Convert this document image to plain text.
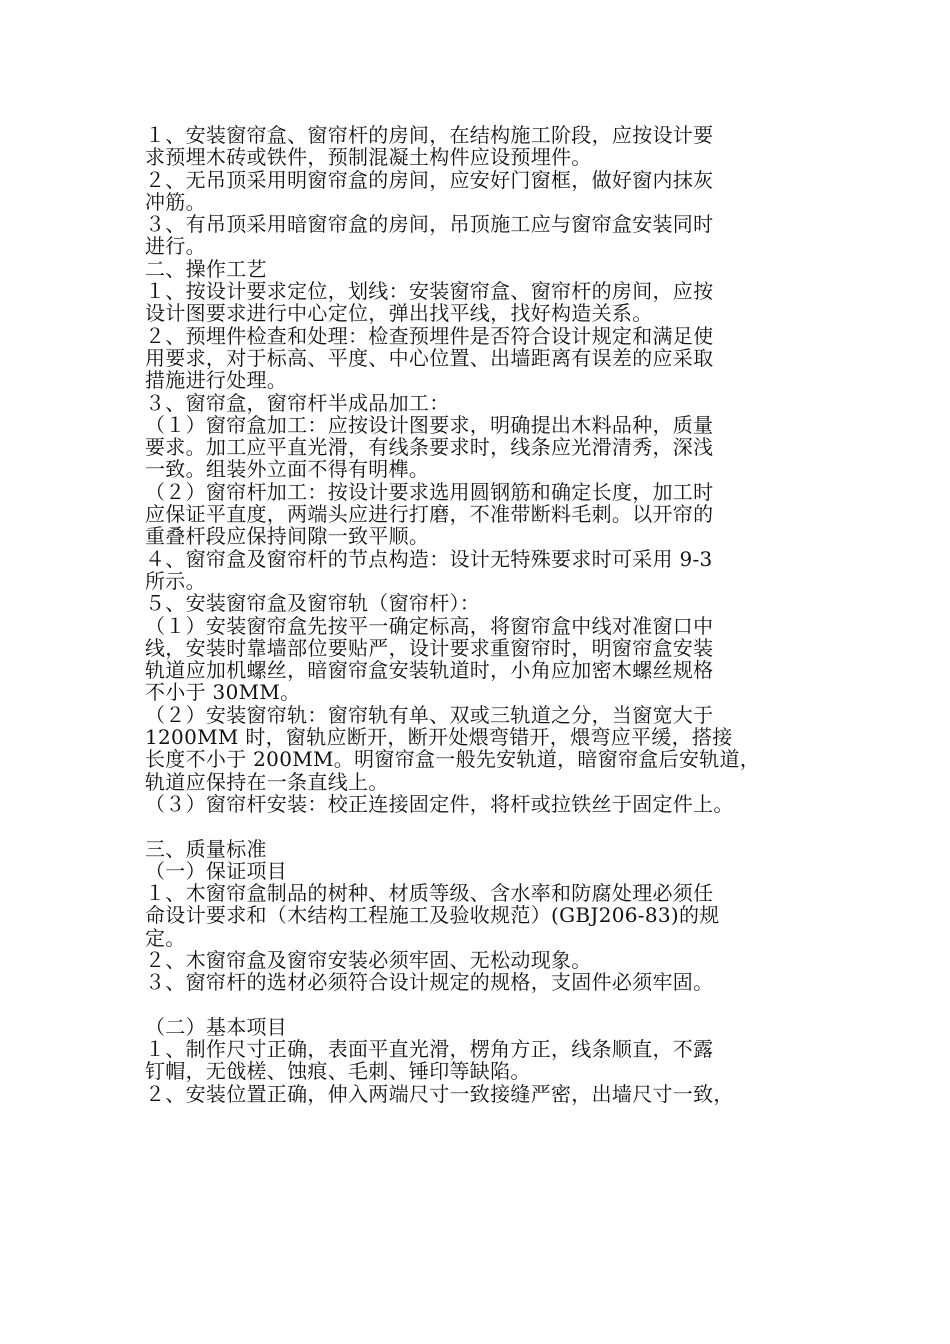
１、安装窗帘盒、窗帘杆的房间，在结构施工阶段，应按设计要
求预埋木砖或铁件，预制混凝土构件应设预埋件。
２、无吊顶采用明窗帘盒的房间，应安好门窗框，做好窗内抹灰
冲筋。
３、有吊顶采用暗窗帘盒的房间，吊顶施工应与窗帘盒安装同时
进行。
二、操作工艺
１、按设计要求定位，划线：安装窗帘盒、窗帘杆的房间，应按
设计图要求进行中心定位，弹出找平线，找好构造关系。
２、预埋件检查和处理：检查预埋件是否符合设计规定和满足使
用要求，对于标高、平度、中心位置、出墙距离有误差的应采取
措施进行处理。
３、窗帘盒，窗帘杆半成品加工：
（１）窗帘盒加工：应按设计图要求，明确提出木料品种，质量
要求。加工应平直光滑，有线条要求时，线条应光滑清秀，深浅
一致。组装外立面不得有明榫。
（２）窗帘杆加工：按设计要求选用圆钢筋和确定长度，加工时
应保证平直度，两端头应进行打磨，不准带断料毛刺。以开帘的
重叠杆段应保持间隙一致平顺。
４、窗帘盒及窗帘杆的节点构造：设计无特殊要求时可采用 9-3
所示。
５、安装窗帘盒及窗帘轨（窗帘杆）：
（１）安装窗帘盒先按平一确定标高，将窗帘盒中线对准窗口中
线，安装时靠墙部位要贴严，设计要求重窗帘时，明窗帘盒安装
轨道应加机螺丝，暗窗帘盒安装轨道时，小角应加密木螺丝规格
不小于 30MM。
（２）安装窗帘轨：窗帘轨有单、双或三轨道之分，当窗宽大于
1200MM 时，窗轨应断开，断开处煨弯错开，煨弯应平缓，搭接
长度不小于 200MM。明窗帘盒一般先安轨道，暗窗帘盒后安轨道，
轨道应保持在一条直线上。
（３）窗帘杆安装：校正连接固定件，将杆或拉铁丝于固定件上。
三、质量标准
（一）保证项目
１、木窗帘盒制品的树种、材质等级、含水率和防腐处理必须任
命设计要求和（木结构工程施工及验收规范）(GBJ206-83)的规
定。
２、木窗帘盒及窗帘安装必须牢固、无松动现象。
３、窗帘杆的选材必须符合设计规定的规格，支固件必须牢固。
（二）基本项目
１、制作尺寸正确，表面平直光滑，楞角方正，线条顺直，不露
钉帽，无戗槎、蚀痕、毛刺、锤印等缺陷。
２、安装位置正确，伸入两端尺寸一致接缝严密，出墙尺寸一致，
